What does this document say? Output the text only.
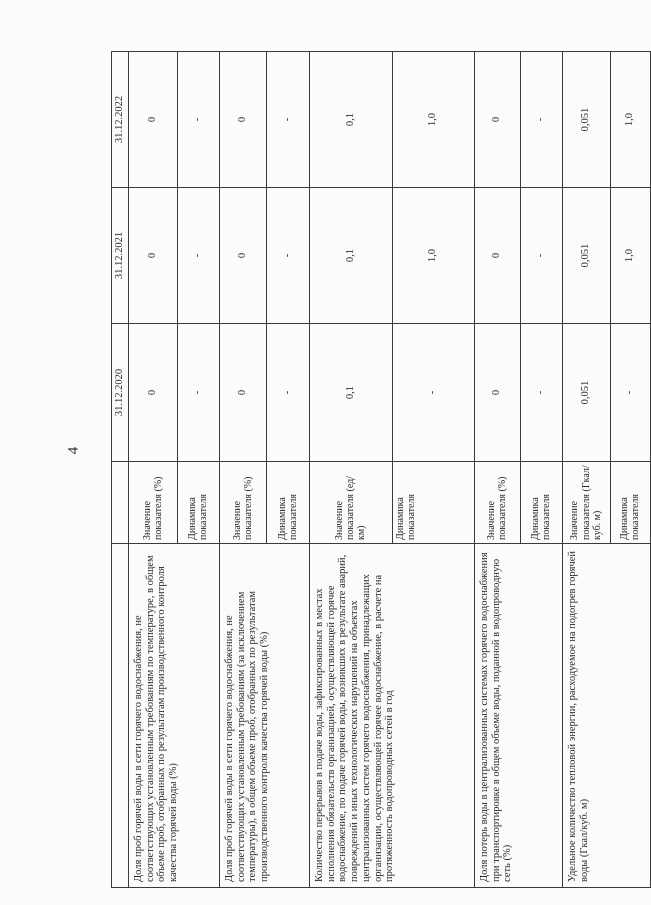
4
		31.12.2020	31.12.2021	31.12.2022
Доля проб горячей воды в сети горячего водоснабжения, не соответствующих установленным требованиям по температуре, в общем объеме проб, отобранных по результатам производственного контроля качества горячей воды (%)	Значение показателя (%)	0	0	0
	Динамика показателя	-	-	-
Доля проб горячей воды в сети горячего водоснабжения, не соответствующих установленным требованиям (за исключением температуры), в общем объеме проб, отобранных по результатам производственного контроля качества горячей воды (%)	Значение показателя (%)	0	0	0
	Динамика показателя	-	-	-
Количество перерывов в подаче воды, зафиксированных в местах исполнения обязательств организацией, осуществляющей горячее водоснабжение, по подаче горячей воды, возникших в результате аварий, повреждений и иных технологических нарушений на объектах централизованных систем горячего водоснабжения, принадлежащих организации, осуществляющей горячее водоснабжение, в расчете на протяженность водопроводных сетей в год	Значение показателя (ед/км)	0,1	0,1	0,1
	Динамика показателя	-	1,0	1,0
Доля потерь воды в централизованных системах горячего водоснабжения при транспортировке в общем объеме воды, поданной в водопроводную сеть (%)	Значение показателя (%)	0	0	0
	Динамика показателя	-	-	-
Удельное количество тепловой энергии, расходуемое на подогрев горячей воды (Гкал/куб. м)	Значение показателя (Гкал/куб. м)	0,051	0,051	0,051
	Динамика показателя	-	1,0	1,0
